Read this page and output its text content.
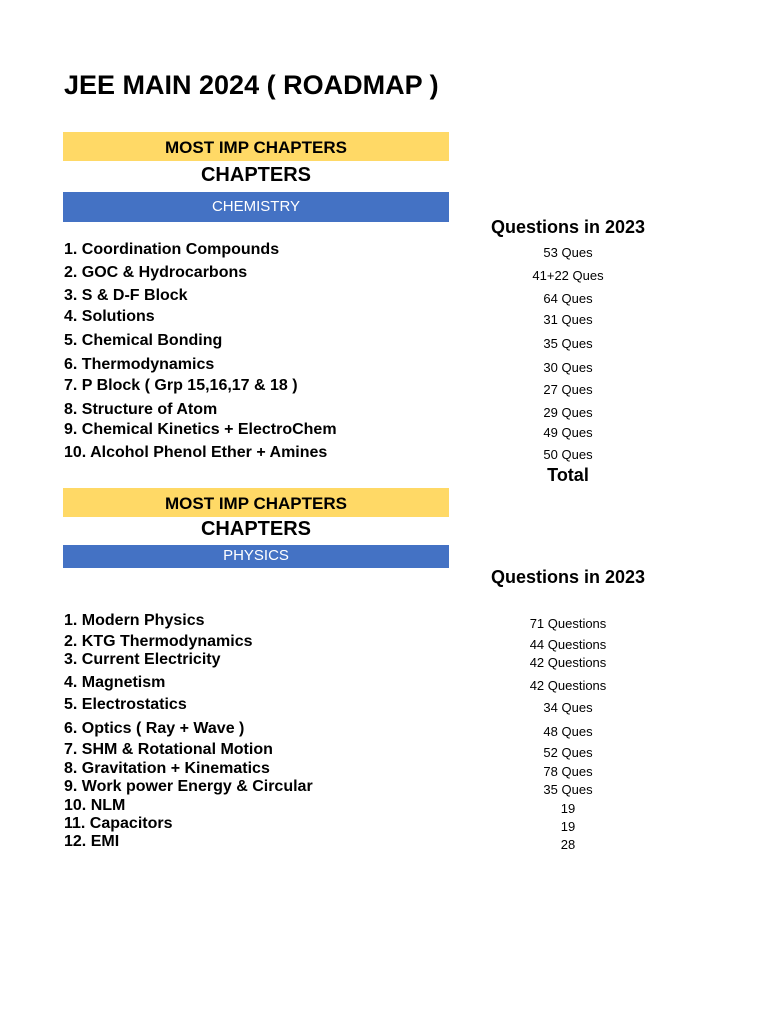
JEE MAIN 2024 ( ROADMAP )
MOST IMP CHAPTERS
CHAPTERS
CHEMISTRY
Questions in 2023
1. Coordination Compounds	53 Ques
2. GOC & Hydrocarbons	41+22 Ques
3. S & D-F Block	64 Ques
4. Solutions	31 Ques
5. Chemical Bonding	35 Ques
6. Thermodynamics	30 Ques
7. P Block ( Grp 15,16,17 & 18 )	27 Ques
8. Structure of Atom	29 Ques
9. Chemical Kinetics + ElectroChem	49 Ques
10. Alcohol Phenol Ether + Amines	50 Ques
Total
MOST IMP CHAPTERS
CHAPTERS
PHYSICS
Questions in 2023
1. Modern Physics	71 Questions
2. KTG Thermodynamics	44 Questions
3. Current Electricity	42 Questions
4. Magnetism	42 Questions
5. Electrostatics	34 Ques
6. Optics ( Ray + Wave )	48 Ques
7. SHM & Rotational Motion	52 Ques
8. Gravitation + Kinematics	78 Ques
9. Work power Energy & Circular	35 Ques
10. NLM	19
11. Capacitors	19
12. EMI	28
